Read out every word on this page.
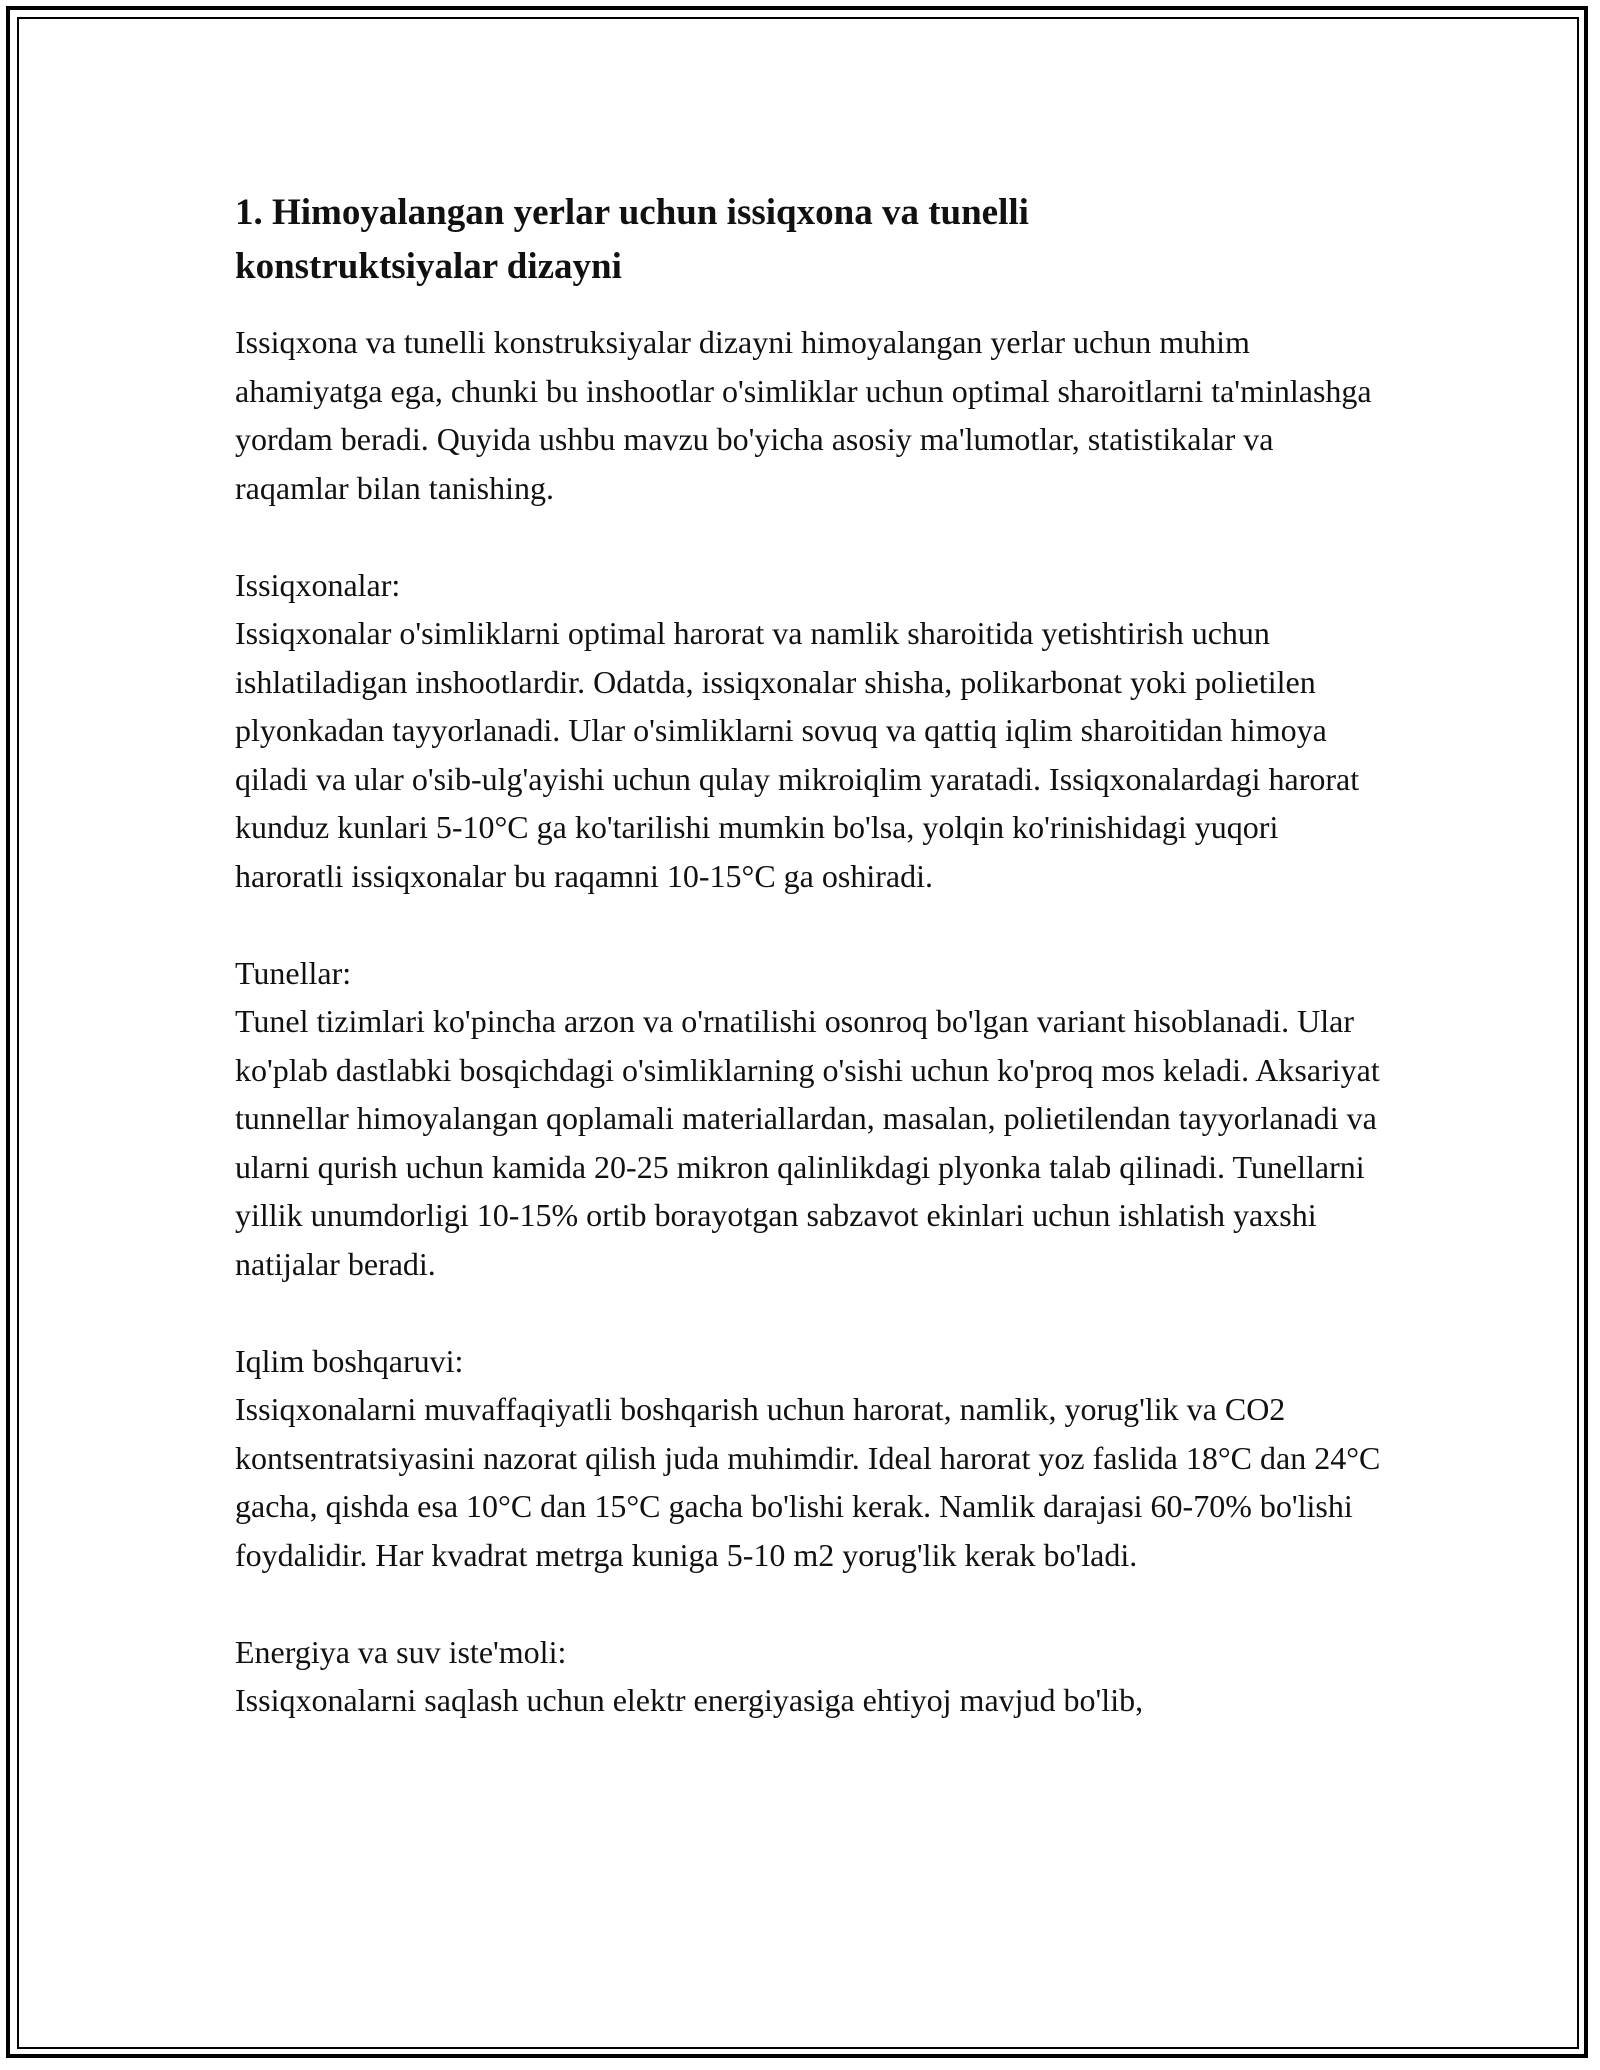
1. Himoyalangan yerlar uchun issiqxona va tunelli konstruktsiyalar dizayni

Issiqxona va tunelli konstruksiyalar dizayni himoyalangan yerlar uchun muhim ahamiyatga ega, chunki bu inshootlar o'simliklar uchun optimal sharoitlarni ta'minlashga yordam beradi. Quyida ushbu mavzu bo'yicha asosiy ma'lumotlar, statistikalar va raqamlar bilan tanishing.

Issiqxonalar:

Issiqxonalar o'simliklarni optimal harorat va namlik sharoitida yetishtirish uchun ishlatiladigan inshootlardir. Odatda, issiqxonalar shisha, polikarbonat yoki polietilen plyonkadan tayyorlanadi. Ular o'simliklarni sovuq va qattiq iqlim sharoitidan himoya qiladi va ular o'sib-ulg'ayishi uchun qulay mikroiqlim yaratadi. Issiqxonalardagi harorat kunduz kunlari 5-10°C ga ko'tarilishi mumkin bo'lsa, yolqin ko'rinishidagi yuqori haroratli issiqxonalar bu raqamni 10-15°C ga oshiradi.

Tunellar:

Tunel tizimlari ko'pincha arzon va o'rnatilishi osonroq bo'lgan variant hisoblanadi. Ular ko'plab dastlabki bosqichdagi o'simliklarning o'sishi uchun ko'proq mos keladi. Aksariyat tunnellar himoyalangan qoplamali materiallardan, masalan, polietilendan tayyorlanadi va ularni qurish uchun kamida 20-25 mikron qalinlikdagi plyonka talab qilinadi. Tunellarni yillik unumdorligi 10-15% ortib borayotgan sabzavot ekinlari uchun ishlatish yaxshi natijalar beradi.

Iqlim boshqaruvi:

Issiqxonalarni muvaffaqiyatli boshqarish uchun harorat, namlik, yorug'lik va CO2 kontsentratsiyasini nazorat qilish juda muhimdir. Ideal harorat yoz faslida 18°C dan 24°C gacha, qishda esa 10°C dan 15°C gacha bo'lishi kerak. Namlik darajasi 60-70% bo'lishi foydalidir. Har kvadrat metrga kuniga 5-10 m2 yorug'lik kerak bo'ladi.

Energiya va suv iste'moli:

Issiqxonalarni saqlash uchun elektr energiyasiga ehtiyoj mavjud bo'lib,
